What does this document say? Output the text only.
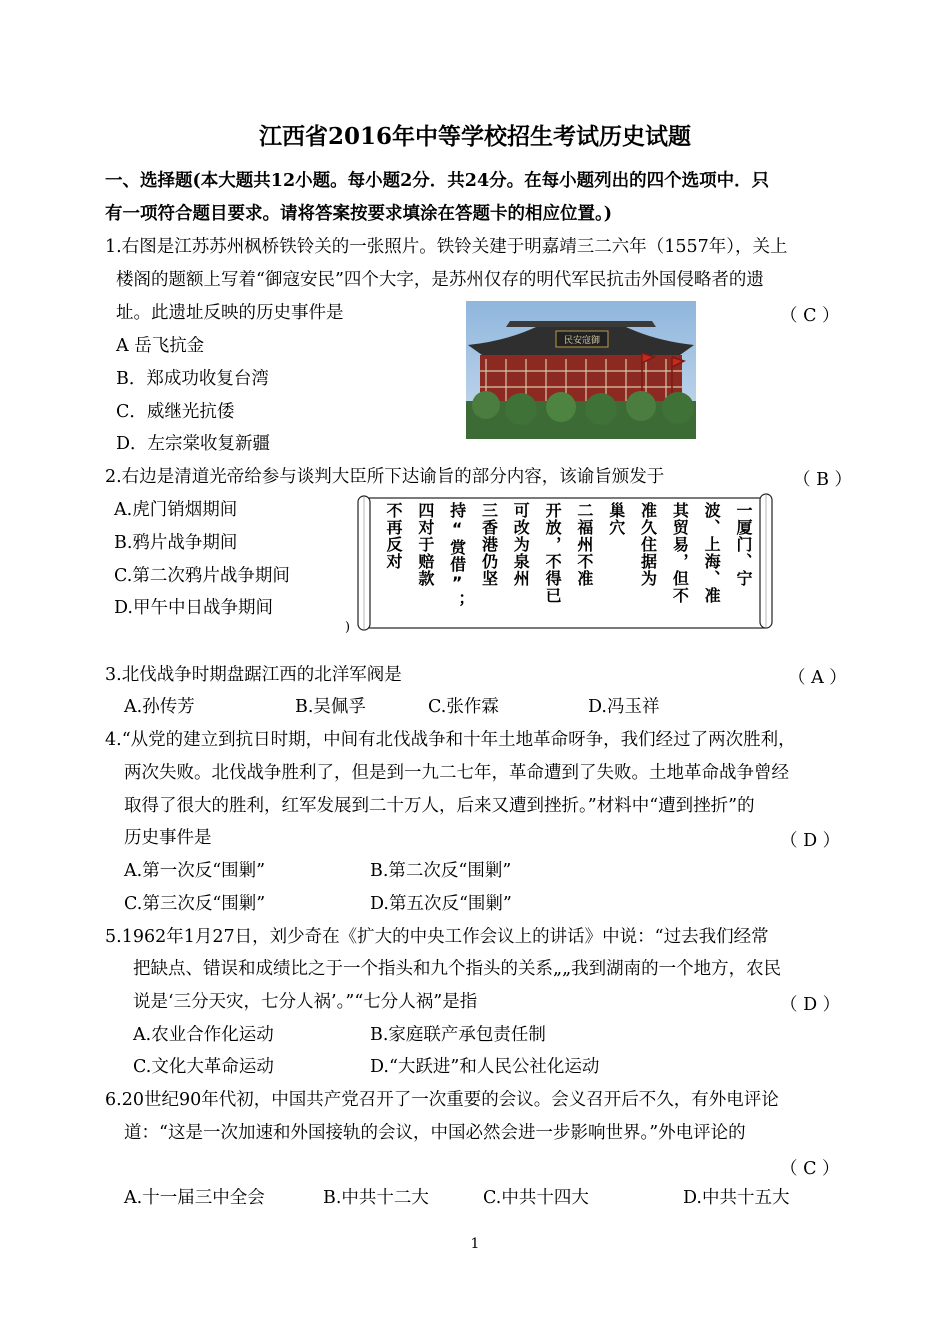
江西省2016年中等学校招生考试历史试题
一、选择题(本大题共12小题。每小题2分．共24分。在每小题列出的四个选项中．只
有一项符合题目要求。请将答案按要求填涂在答题卡的相应位置。)
1.右图是江苏苏州枫桥铁铃关的一张照片。铁铃关建于明嘉靖三二六年（1557年），关上
楼阁的题额上写着“御寇安民”四个大字，是苏州仅存的明代军民抗击外国侵略者的遗
址。此遗址反映的历史事件是	（ C ）
A 岳飞抗金
B．郑成功收复台湾
C．威继光抗倭
D．左宗棠收复新疆
民安寇御
2.右边是清道光帝给参与谈判大臣所下达谕旨的部分内容，该谕旨颁发于	（ B ）
A.虎门销烟期间
B.鸦片战争期间
C.第二次鸦片战争期间
D.甲午中日战争期间
)
一厦门、宁
波、上海、准
其贸易，但不
准久住据为
巢穴
二福州不准
开放，不得已
可改为泉州
三香港仍坚
持“赏借”；
四对于赔款
不再反对
3.北伐战争时期盘踞江西的北洋军阀是	（ A ）
A.孙传芳	B.吴佩孚	C.张作霖	D.冯玉祥
4.“从党的建立到抗日时期，中间有北伐战争和十年土地革命呀争，我们经过了两次胜利，
两次失败。北伐战争胜利了，但是到一九二七年，革命遭到了失败。土地革命战争曾经
取得了很大的胜利，红军发展到二十万人，后来又遭到挫折。”材料中“遭到挫折”的
历史事件是	（ D ）
A.第一次反“围剿”	B.第二次反“围剿”
C.第三次反“围剿”	D.第五次反“围剿”
5.1962年1月27日，刘少奇在《扩大的中央工作会议上的讲话》中说：“过去我们经常
把缺点、错误和成绩比之于一个指头和九个指头的关系„„我到湖南的一个地方，农民
说是‘三分天灾，七分人祸’。”“七分人祸”是指	（ D ）
A.农业合作化运动	B.家庭联产承包责任制
C.文化大革命运动	D.“大跃进”和人民公社化运动
6.20世纪90年代初，中国共产党召开了一次重要的会议。会义召开后不久，有外电评论
道：“这是一次加速和外国接轨的会议，中国必然会进一步影响世界。”外电评论的
（ C ）
A.十一届三中全会	B.中共十二大	C.中共十四大	D.中共十五大
1
